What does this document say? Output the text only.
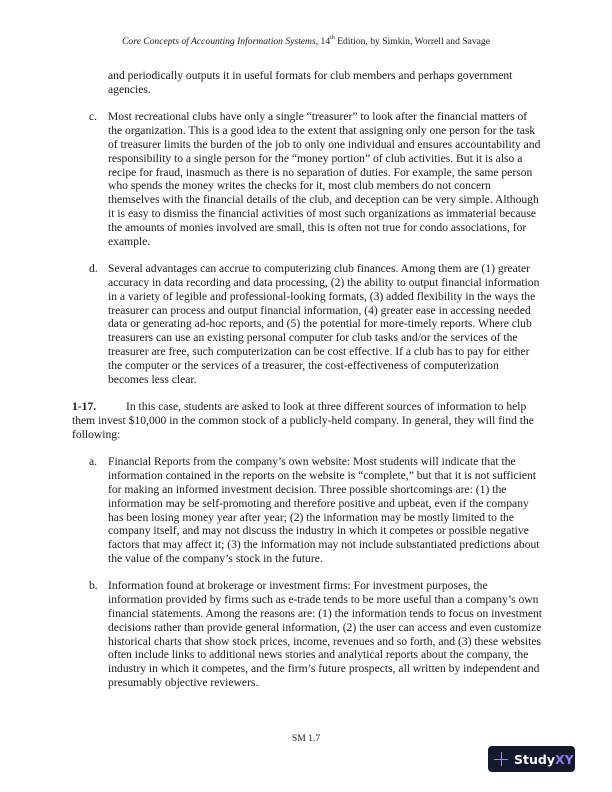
Core Concepts of Accounting Information Systems, 14th Edition, by Simkin, Worrell and Savage

and periodically outputs it in useful formats for club members and perhaps government agencies.

c. Most recreational clubs have only a single “treasurer” to look after the financial matters of the organization. This is a good idea to the extent that assigning only one person for the task of treasurer limits the burden of the job to only one individual and ensures accountability and responsibility to a single person for the “money portion” of club activities. But it is also a recipe for fraud, inasmuch as there is no separation of duties. For example, the same person who spends the money writes the checks for it, most club members do not concern themselves with the financial details of the club, and deception can be very simple. Although it is easy to dismiss the financial activities of most such organizations as immaterial because the amounts of monies involved are small, this is often not true for condo associations, for example.
d. Several advantages can accrue to computerizing club finances. Among them are (1) greater accuracy in data recording and data processing, (2) the ability to output financial information in a variety of legible and professional-looking formats, (3) added flexibility in the ways the treasurer can process and output financial information, (4) greater ease in accessing needed data or generating ad-hoc reports, and (5) the potential for more-timely reports. Where club treasurers can use an existing personal computer for club tasks and/or the services of the treasurer are free, such computerization can be cost effective. If a club has to pay for either the computer or the services of a treasurer, the cost-effectiveness of computerization becomes less clear.

1-17.	In this case, students are asked to look at three different sources of information to help them invest $10,000 in the common stock of a publicly-held company. In general, they will find the following:

a. Financial Reports from the company’s own website: Most students will indicate that the information contained in the reports on the website is “complete,” but that it is not sufficient for making an informed investment decision. Three possible shortcomings are: (1) the information may be self-promoting and therefore positive and upbeat, even if the company has been losing money year after year; (2) the information may be mostly limited to the company itself, and may not discuss the industry in which it competes or possible negative factors that may affect it; (3) the information may not include substantiated predictions about the value of the company’s stock in the future.
b. Information found at brokerage or investment firms: For investment purposes, the information provided by firms such as e-trade tends to be more useful than a company’s own financial statements. Among the reasons are: (1) the information tends to focus on investment decisions rather than provide general information, (2) the user can access and even customize historical charts that show stock prices, income, revenues and so forth, and (3) these websites often include links to additional news stories and analytical reports about the company, the industry in which it competes, and the firm’s future prospects, all written by independent and presumably objective reviewers.
SM 1.7
Study XY
